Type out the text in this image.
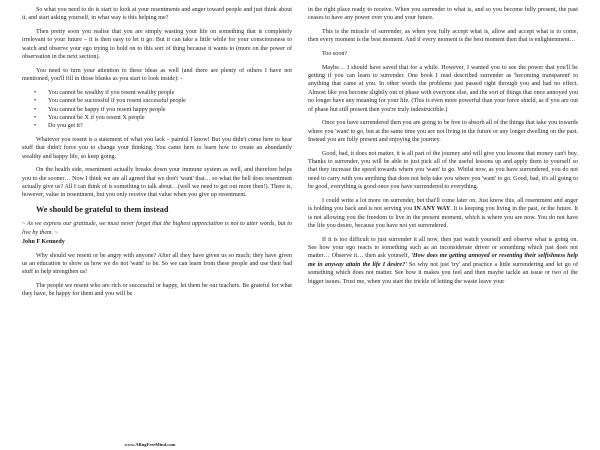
So what you need to do is start to look at your resentments and anger toward people and just think about it, and start asking yourself, in what way is this helping me?

Then pretty soon you realise that you are simply wasting your life on something that is completely irrelevant to your future – it is then easy to let it go. But it can take a little while for your consciousness to watch and observe your ego trying to hold on to this sort of thing because it wants to (more on the power of observation in the next section).

You need to turn your attention to these ideas as well (and there are plenty of others I have not mentioned, you'll fill in those blanks as you start to look inside): -

• You cannot be wealthy if you resent wealthy people
• You cannot be successful if you resent successful people
• You cannot be happy if you resent happy people
• You cannot be X if you resent X people
• Do you get it?

Whatever you resent is a statement of what you lack – painful I know! But you didn't come here to hear stuff that didn't force you to change your thinking. You came here to learn how to create an abundantly wealthy and happy life, so keep going.

On the health side, resentment actually breaks down your immune system as well, and therefore helps you to die sooner… Now I think we are all agreed that we don't 'want' that… so what the hell does resentment actually give us? All I can think of is something to talk about…(well we need to get out more then!). There is, however, value in resentment, but you only receive that value when you give up resentment.

We should be grateful to them instead

~ As we express our gratitude, we must never forget that the highest appreciation is not to utter words, but to live by them. ~

John F Kennedy

Why should we resent or be angry with anyone? After all they have given us so much; they have given us an education to show us how we do not 'want' to be. So we can learn from these people and use their bad stuff to help strengthen us!

The people we resent who are rich or successful or happy, let them be our teachers. Be grateful for what they have, be happy for them and you will be

in the right place ready to receive. When you surrender to what is, and so you become fully present, the past ceases to have any power over you and your future.

This is the miracle of surrender, as when you fully accept what is, allow and accept what is to come, then every moment is the best moment. And if every moment is the best moment then that is enlightenment…

Too soon?

Maybe… I should have saved that for a while. However, I wanted you to see the power that you'll be getting if you can learn to surrender. One book I read described surrender as 'becoming transparent' to anything that came at you. In other words the problems just passed right through you and had no effect. Almost like you become slightly out of phase with everyone else, and the sort of things that once annoyed you no longer have any meaning for your life. (This is even more powerful than your force shield, as if you are out of phase but still present then you're truly indestructible.)

Once you have surrendered then you are going to be free to absorb all of the things that take you towards where you 'want' to go, but at the same time you are not living in the future or any longer dwelling on the past. Instead you are fully present and enjoying the journey.

Good, bad, it does not matter, it is all part of the journey and will give you lessons that money can't buy. Thanks to surrender, you will be able to just pick all of the useful lessons up and apply them to yourself so that they increase the speed towards where you 'want' to go. Whilst now, as you have surrendered, you do not need to carry with you anything that does not help take you where you 'want' to go. Good, bad, it's all going to be good, everything is good once you have surrendered to everything.

I could write a lot more on surrender, but that'll come later on. Just know this, all resentment and anger is holding you back and is not serving you IN ANY WAY. It is keeping you living in the past, or the future. It is not allowing you the freedom to live in the present moment, which is where you are now. You do not have the life you desire, because you have not yet surrendered.

If it is too difficult to just surrender it all now, then just watch yourself and observe what is going on. See how your ego reacts to something such as an inconsiderate driver or something which just does not matter… Observe it… then ask yourself, 'How does me getting annoyed or resenting their selfishness help me in anyway attain the life I desire?' So why not just 'try' and practice a little surrendering and let go of something which does not matter. See how it makes you feel and then maybe tackle an issue or two of the bigger issues. Trust me, when you start the trickle of letting the waste leave your

www.ABugFreeMind.com
